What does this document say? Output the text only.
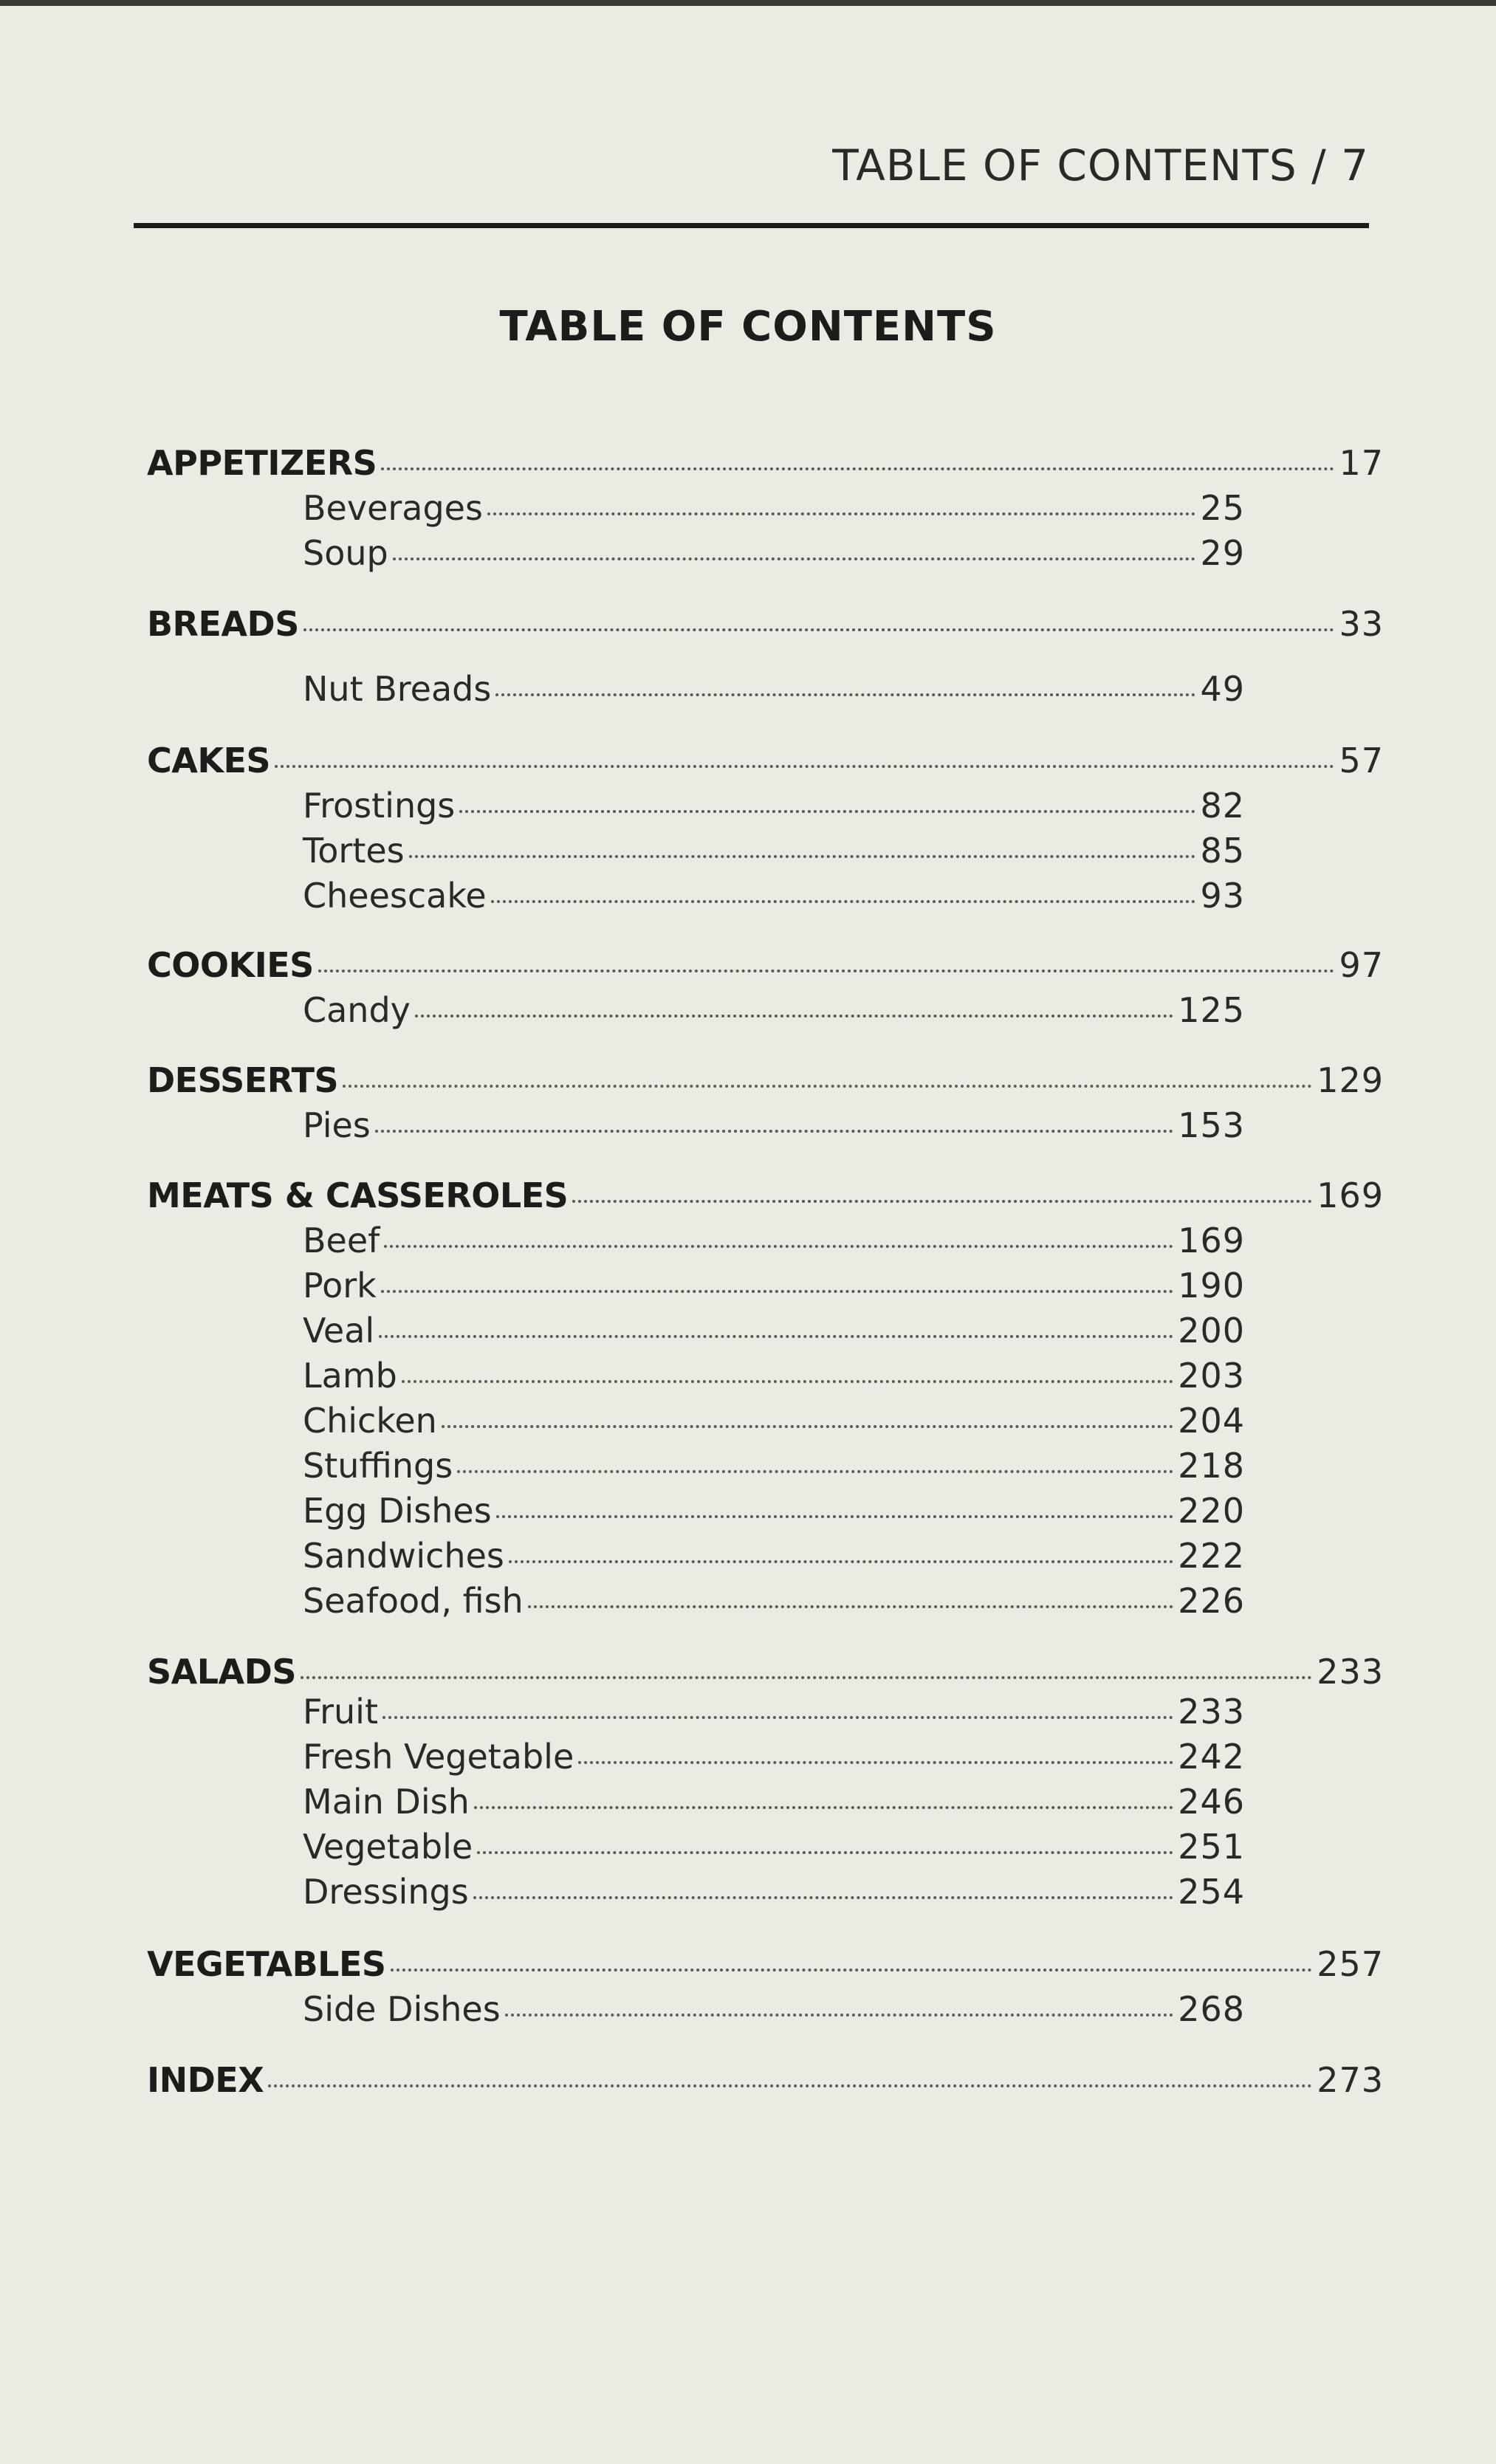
TABLE OF CONTENTS / 7
TABLE OF CONTENTS
APPETIZERS	17
Beverages	25
Soup	29
BREADS	33
Nut Breads	49
CAKES	57
Frostings	82
Tortes	85
Cheescake	93
COOKIES	97
Candy	125
DESSERTS	129
Pies	153
MEATS & CASSEROLES	169
Beef	169
Pork	190
Veal	200
Lamb	203
Chicken	204
Stuffings	218
Egg Dishes	220
Sandwiches	222
Seafood, fish	226
SALADS	233
Fruit	233
Fresh Vegetable	242
Main Dish	246
Vegetable	251
Dressings	254
VEGETABLES	257
Side Dishes	268
INDEX	273
